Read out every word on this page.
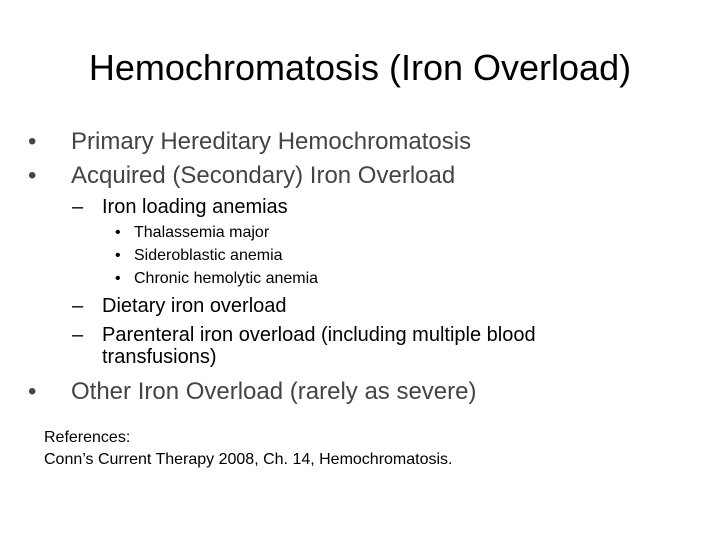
Hemochromatosis (Iron Overload)
• Primary Hereditary Hemochromatosis
• Acquired (Secondary) Iron Overload
– Iron loading anemias
• Thalassemia major
• Sideroblastic anemia
• Chronic hemolytic anemia
– Dietary iron overload
– Parenteral iron overload (including multiple blood
transfusions)
• Other Iron Overload (rarely as severe)
References:
Conn’s Current Therapy 2008, Ch. 14, Hemochromatosis.
